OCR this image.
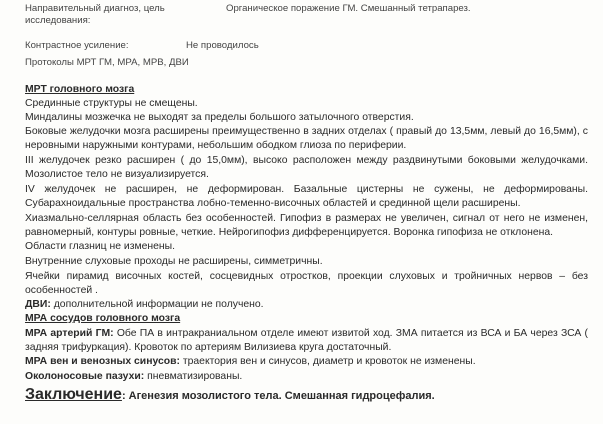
Направительный диагноз, цель
исследования:
Органическое поражение ГМ. Смешанный тетрапарез.
Контрастное усиление:	Не проводилось
Протоколы МРТ ГМ, МРА, МРВ, ДВИ
МРТ головного мозга
Срединные структуры не смещены.
Миндалины мозжечка не выходят за пределы большого затылочного отверстия.
Боковые желудочки мозга расширены преимущественно в задних отделах ( правый до 13,5мм, левый до 16,5мм), с
неровными наружными контурами, небольшим ободком глиоза по периферии.
III желудочек резко расширен ( до 15,0мм), высоко расположен между раздвинутыми боковыми желудочками.
Мозолистое тело не визуализируется.
IV желудочек не расширен, не деформирован. Базальные цистерны не сужены, не деформированы.
Субарахноидальные пространства лобно-теменно-височных областей и срединной щели расширены.
Хиазмально-селлярная область без особенностей. Гипофиз в размерах не увеличен, сигнал от него не изменен,
равномерный, контуры ровные, четкие. Нейрогипофиз дифференцируется. Воронка гипофиза не отклонена.
Области глазниц не изменены.
Внутренние слуховые проходы не расширены, симметричны.
Ячейки пирамид височных костей, сосцевидных отростков, проекции слуховых и тройничных нервов – без
особенностей .
ДВИ: дополнительной информации не получено.
МРА сосудов головного мозга
МРА артерий ГМ: Обе ПА в интракраниальном отделе имеют извитой ход. ЗМА питается из ВСА и БА через ЗСА (
задняя трифуркация). Кровоток по артериям Вилизиева круга достаточный.
МРА вен и венозных синусов: траектория вен и синусов, диаметр и кровоток не изменены.
Околоносовые пазухи: пневматизированы.
Заключение: Агенезия мозолистого тела. Смешанная гидроцефалия.
